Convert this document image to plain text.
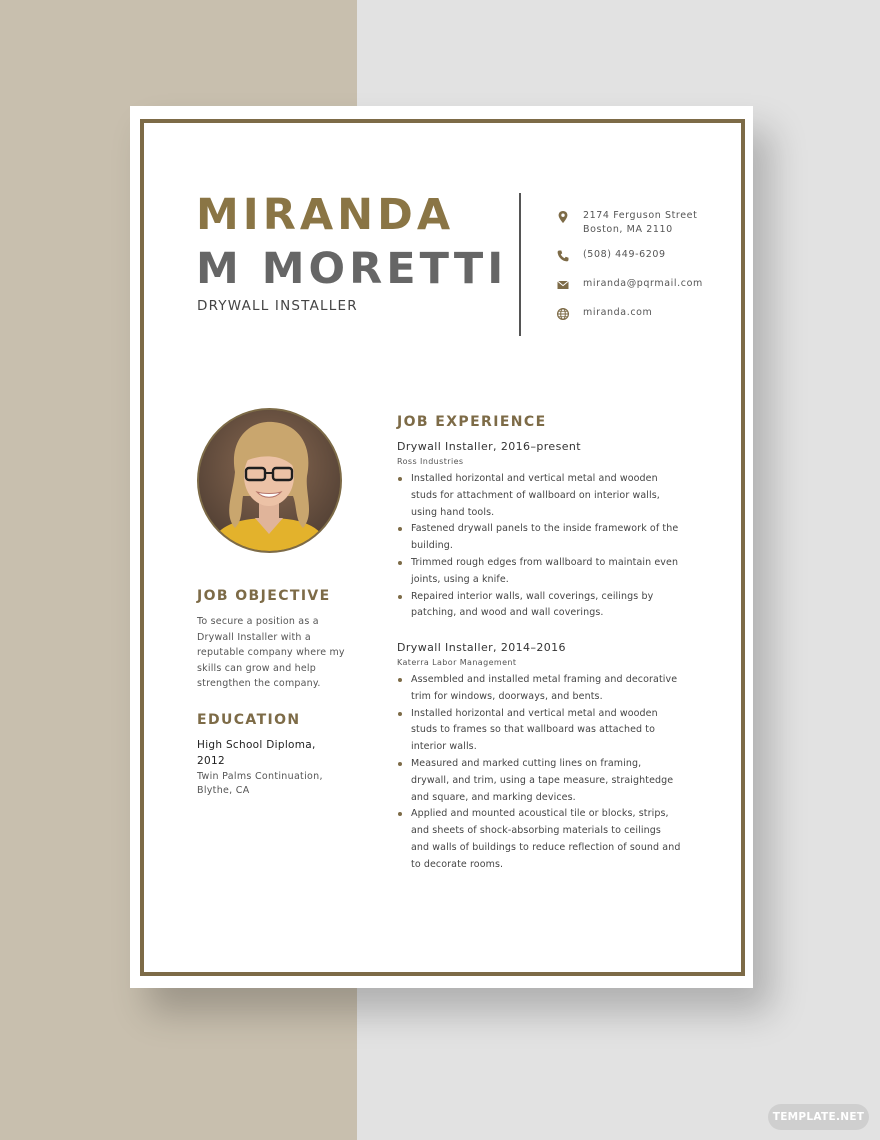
MIRANDA
M MORETTI
DRYWALL INSTALLER
2174 Ferguson Street
Boston, MA 2110
(508) 449-6209
miranda@pqrmail.com
miranda.com
JOB OBJECTIVE

To secure a position as a Drywall Installer with a reputable company where my skills can grow and help strengthen the company.

EDUCATION
High School Diploma, 2012
Twin Palms Continuation, Blythe, CA
JOB EXPERIENCE
Drywall Installer, 2016–present
Ross Industries
Installed horizontal and vertical metal and wooden studs for attachment of wallboard on interior walls, using hand tools.
Fastened drywall panels to the inside framework of the building.
Trimmed rough edges from wallboard to maintain even joints, using a knife.
Repaired interior walls, wall coverings, ceilings by patching, and wood and wall coverings.
Drywall Installer, 2014–2016
Katerra Labor Management
Assembled and installed metal framing and decorative trim for windows, doorways, and bents.
Installed horizontal and vertical metal and wooden studs to frames so that wallboard was attached to interior walls.
Measured and marked cutting lines on framing, drywall, and trim, using a tape measure, straightedge and square, and marking devices.
Applied and mounted acoustical tile or blocks, strips, and sheets of shock-absorbing materials to ceilings and walls of buildings to reduce reflection of sound and to decorate rooms.
TEMPLATE.NET
